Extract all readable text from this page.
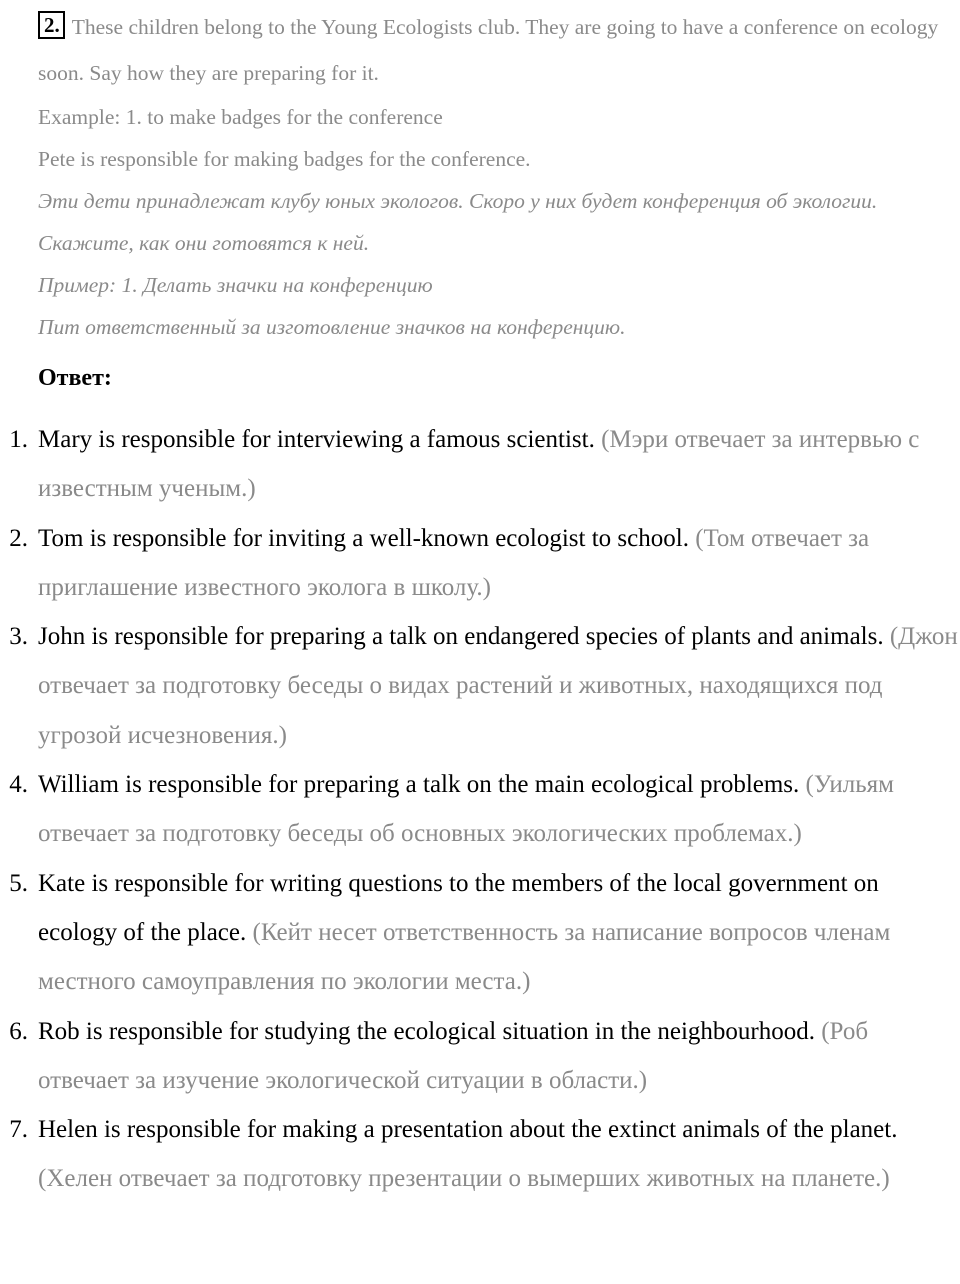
2. These children belong to the Young Ecologists club. They are going to have a conference on ecology soon. Say how they are preparing for it.

Example: 1. to make badges for the conference

Pete is responsible for making badges for the conference.

Эти дети принадлежат клубу юных экологов. Скоро у них будет конференция об экологии. Скажите, как они готовятся к ней.

Пример: 1. Делать значки на конференцию

Пит ответственный за изготовление значков на конференцию.

Ответ:

1. Mary is responsible for interviewing a famous scientist. (Мэри отвечает за интервью с известным ученым.)
2. Tom is responsible for inviting a well-known ecologist to school. (Том отвечает за приглашение известного эколога в школу.)
3. John is responsible for preparing a talk on endangered species of plants and animals. (Джон отвечает за подготовку беседы о видах растений и животных, находящихся под угрозой исчезновения.)
4. William is responsible for preparing a talk on the main ecological problems. (Уильям отвечает за подготовку беседы об основных экологических проблемах.)
5. Kate is responsible for writing questions to the members of the local government on ecology of the place. (Кейт несет ответственность за написание вопросов членам местного самоуправления по экологии места.)
6. Rob is responsible for studying the ecological situation in the neighbourhood. (Роб отвечает за изучение экологической ситуации в области.)
7. Helen is responsible for making a presentation about the extinct animals of the planet. (Хелен отвечает за подготовку презентации о вымерших животных на планете.)
